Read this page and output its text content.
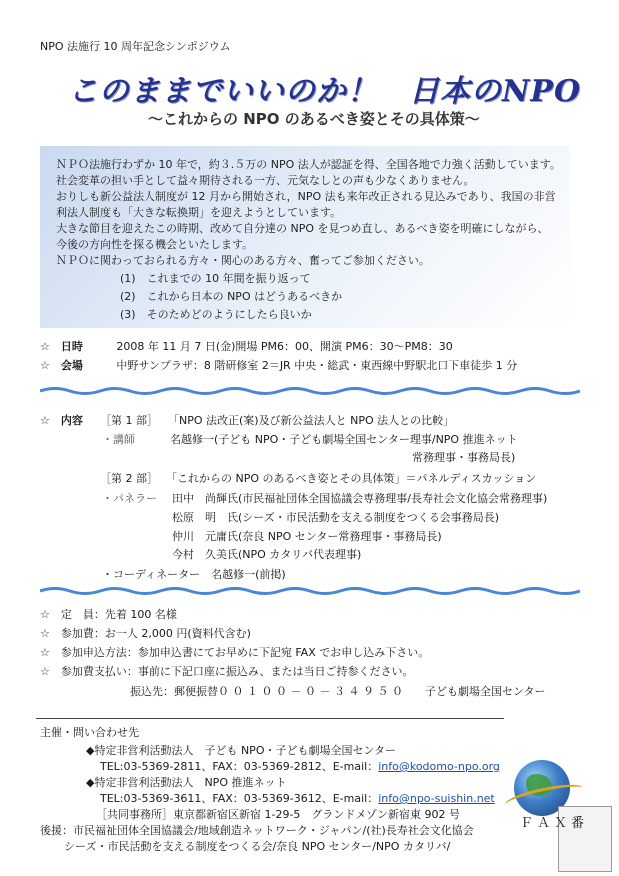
NPO 法施行 10 周年記念シンポジウム
このままでいいのか！　日本のNPO
～これからの NPO のあるべき姿とその具体策～
ＮＰＯ法施行わずか 10 年で，約３.５万の NPO 法人が認証を得、全国各地で力強く活動しています。
社会変革の担い手として益々期待される一方、元気なしとの声も少なくありません。
おりしも新公益法人制度が 12 月から開始され，NPO 法も来年改正される見込みであり、我国の非営
利法人制度も「大きな転換期」を迎えようとしています。
大きな節目を迎えたこの時期、改めて自分達の NPO を見つめ直し、あるべき姿を明確にしながら、
今後の方向性を探る機会といたします。
ＮＰＯに関わっておられる方々・関心のある方々、奮ってご参加ください。
(1)　これまでの 10 年間を振り返って
(2)　これから日本の NPO はどうあるべきか
(3)　そのためどのようにしたら良いか
☆　日時	2008 年 11 月 7 日(金)開場 PM6：00、開演 PM6：30～PM8：30
☆　会場	中野サンプラザ：8 階研修室 2＝JR 中央・総武・東西線中野駅北口下車徒歩 1 分
☆　内容 ［第 1 部］ 「NPO 法改正(案)及び新公益法人と NPO 法人との比較」
・講師	名越修一(子ども NPO・子ども劇場全国センター理事/NPO 推進ネット
常務理事・事務局長)
［第 2 部］ 「これからの NPO のあるべき姿とその具体策」＝パネルディスカッション
・パネラー 田中　尚輝氏(市民福祉団体全国協議会専務理事/長寿社会文化協会常務理事)
松原　明　氏(シーズ・市民活動を支える制度をつくる会事務局長)
仲川　元庸氏(奈良 NPO センター常務理事・事務局長)
今村　久美氏(NPO カタリバ代表理事)
・コーディネーター　名越修一(前掲)
☆　定　員：先着 100 名様
☆　参加費：お一人 2,000 円(資料代含む)
☆　参加申込方法：参加申込書にてお早めに下記宛 FAX でお申し込み下さい。
☆　参加費支払い：事前に下記口座に振込み、または当日ご持参ください。
振込先：郵便振替０ ０ １ ０ ０ － ０ － ３ ４ ９ ５ ０　　子ども劇場全国センター
主催・問い合わせ先
◆特定非営利活動法人　子ども NPO・子ども劇場全国センター
TEL:03-5369-2811、FAX：03-5369-2812、E-mail：info@kodomo-npo.org
◆特定非営利活動法人　NPO 推進ネット
TEL:03-5369-3611、FAX：03-5369-3612、E-mail：info@npo-suishin.net
［共同事務所］東京都新宿区新宿 1-29-5　グランドメゾン新宿東 902 号
後援：市民福祉団体全国協議会/地域創造ネットワーク・ジャパン/(社)長寿社会文化協会
シーズ・市民活動を支える制度をつくる会/奈良 NPO センター/NPO カタリバ/
ＦＡＸ番
